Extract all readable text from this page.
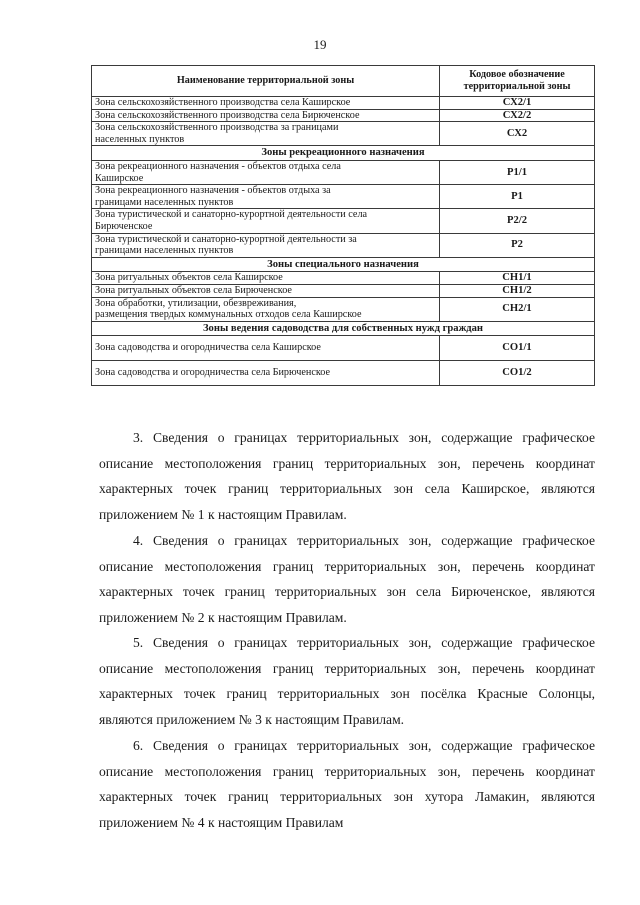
19
Наименование территориальной зоны	Кодовое обозначение территориальной зоны
Зона сельскохозяйственного производства села Каширское	СХ2/1
Зона сельскохозяйственного производства села Бирюченское	СХ2/2
Зона сельскохозяйственного производства за границами
населенных пунктов	СХ2
Зоны рекреационного назначения	
Зона рекреационного назначения - объектов отдыха села
Каширское	Р1/1
Зона рекреационного назначения - объектов отдыха за
границами населенных пунктов	Р1
Зона туристической и санаторно-курортной деятельности села
Бирюченское	Р2/2
Зона туристической и санаторно-курортной деятельности за
границами населенных пунктов	Р2
Зоны специального назначения	
Зона ритуальных объектов села Каширское	СН1/1
Зона ритуальных объектов села Бирюченское	СН1/2
Зона обработки, утилизации, обезвреживания,
размещения твердых коммунальных отходов села Каширское	СН2/1
Зоны ведения садоводства для собственных нужд граждан	
Зона садоводства и огородничества села Каширское	СО1/1
Зона садоводства и огородничества села Бирюченское	СО1/2
3. Сведения о границах территориальных зон, содержащие графическое
описание местоположения границ территориальных зон, перечень координат
характерных точек границ территориальных зон села Каширское, являются
приложением № 1 к настоящим Правилам.
4. Сведения о границах территориальных зон, содержащие графическое
описание местоположения границ территориальных зон, перечень координат
характерных точек границ территориальных зон села Бирюченское, являются
приложением № 2 к настоящим Правилам.
5. Сведения о границах территориальных зон, содержащие графическое
описание местоположения границ территориальных зон, перечень координат
характерных точек границ территориальных зон посёлка Красные Солонцы,
являются приложением № 3 к настоящим Правилам.
6. Сведения о границах территориальных зон, содержащие графическое
описание местоположения границ территориальных зон, перечень координат
характерных точек границ территориальных зон хутора Ламакин, являются
приложением № 4 к настоящим Правилам
